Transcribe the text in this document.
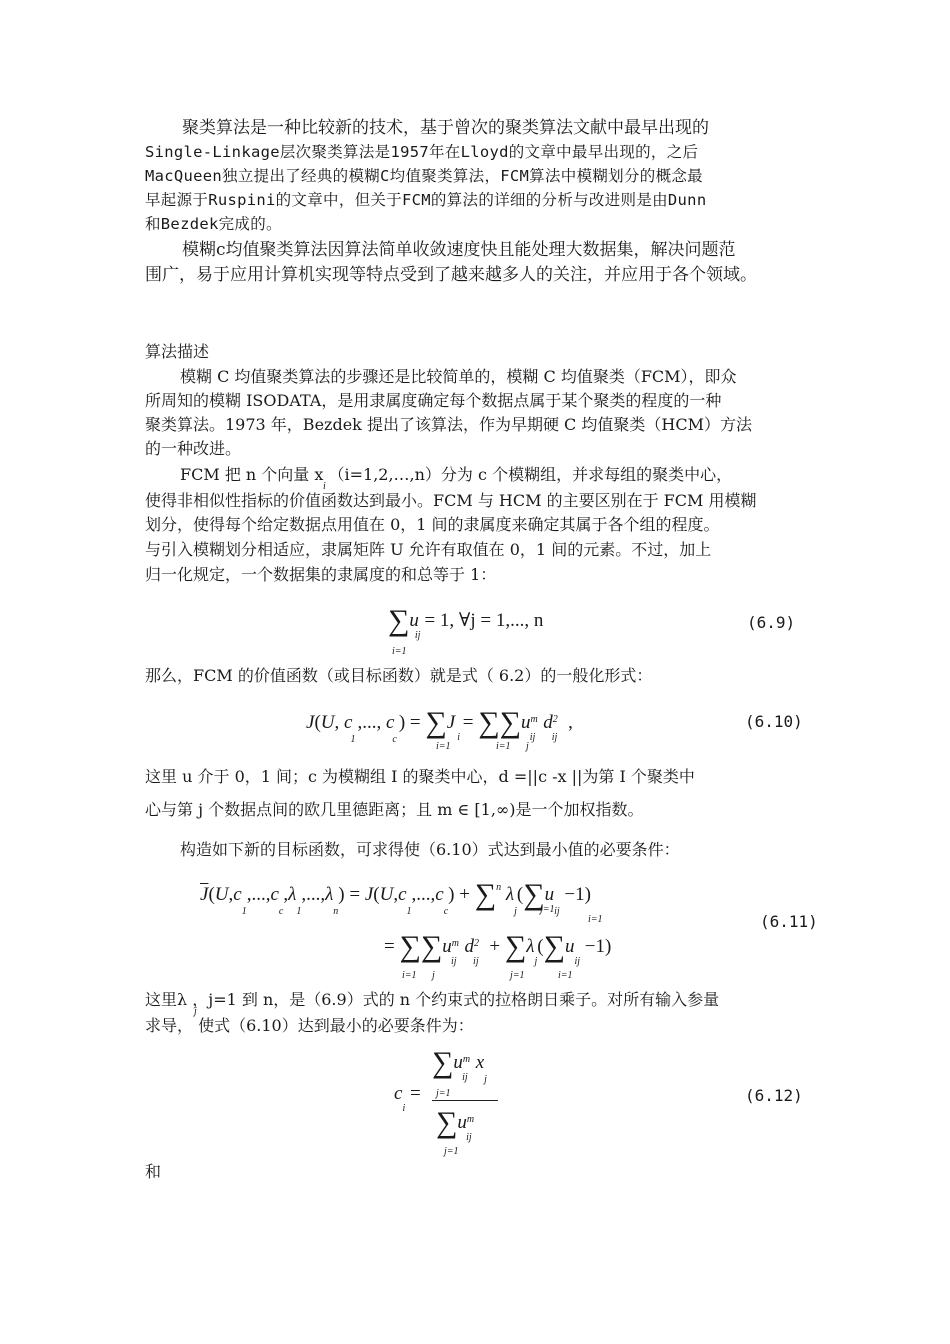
聚类算法是一种比较新的技术，基于曾次的聚类算法文献中最早出现的
Single-Linkage层次聚类算法是1957年在Lloyd的文章中最早出现的，之后
MacQueen独立提出了经典的模糊C均值聚类算法，FCM算法中模糊划分的概念最
早起源于Ruspini的文章中，但关于FCM的算法的详细的分析与改进则是由Dunn
和Bezdek完成的。
模糊c均值聚类算法因算法简单收敛速度快且能处理大数据集，解决问题范
围广，易于应用计算机实现等特点受到了越来越多人的关注，并应用于各个领域。
算法描述
模糊 C 均值聚类算法的步骤还是比较简单的，模糊 C 均值聚类（FCM），即众
所周知的模糊 ISODATA，是用隶属度确定每个数据点属于某个聚类的程度的一种
聚类算法。1973 年，Bezdek 提出了该算法，作为早期硬 C 均值聚类（HCM）方法
的一种改进。
FCM 把 n 个向量 x （i=1,2,…,n）分为 c 个模糊组，并求每组的聚类中心，
i
使得非相似性指标的价值函数达到最小。FCM 与 HCM 的主要区别在于 FCM 用模糊
划分，使得每个给定数据点用值在 0，1 间的隶属度来确定其属于各个组的程度。
与引入模糊划分相适应，隶属矩阵 U 允许有取值在 0，1 间的元素。不过，加上
归一化规定，一个数据集的隶属度的和总等于 1：
$\sum u_{ij}= 1$, ∀j = 1,..., n
i=1
(6.9)
那么，FCM 的价值函数（或目标函数）就是式（ 6.2）的一般化形式：
J(U, $c_1$,..., $c_c) = \sum J_i = \sum\sum u^m_{ij}d^2_{ij}$ ,
i=1	i=1 j
(6.10)
这里 u 介于 0，1 间；c 为模糊组 I 的聚类中心，d =||c -x ||为第 I 个聚类中
心与第 j 个数据点间的欧几里德距离；且 m ∈ [1,∞)是一个加权指数。
构造如下新的目标函数，可求得使（6.10）式达到最小值的必要条件：
$\overline{J}(U,c_1,...,c_c,\lambda_1,...,\lambda_n) = J(U,c_1,...,c_c) + \sum^n$ $\lambda_j(\sum u_{ij} -1)$
j=1
i=1
= $\sum\sum u^m_{ij}d^2_{ij} + \sum\lambda_j(\sum u_{ij} -1)$
i=1 j	j=1	i=1
(6.11)
这里λ ，j=1 到 n，是（6.9）式的 n 个约束式的拉格朗日乘子。对所有输入参量
j
求导， 使式（6.10）达到最小的必要条件为：
$\sum u^m_{ij}x_j$
j=1
$c_i$ =
$\sum u^m_{ij}$
j=1
(6.12)
和
